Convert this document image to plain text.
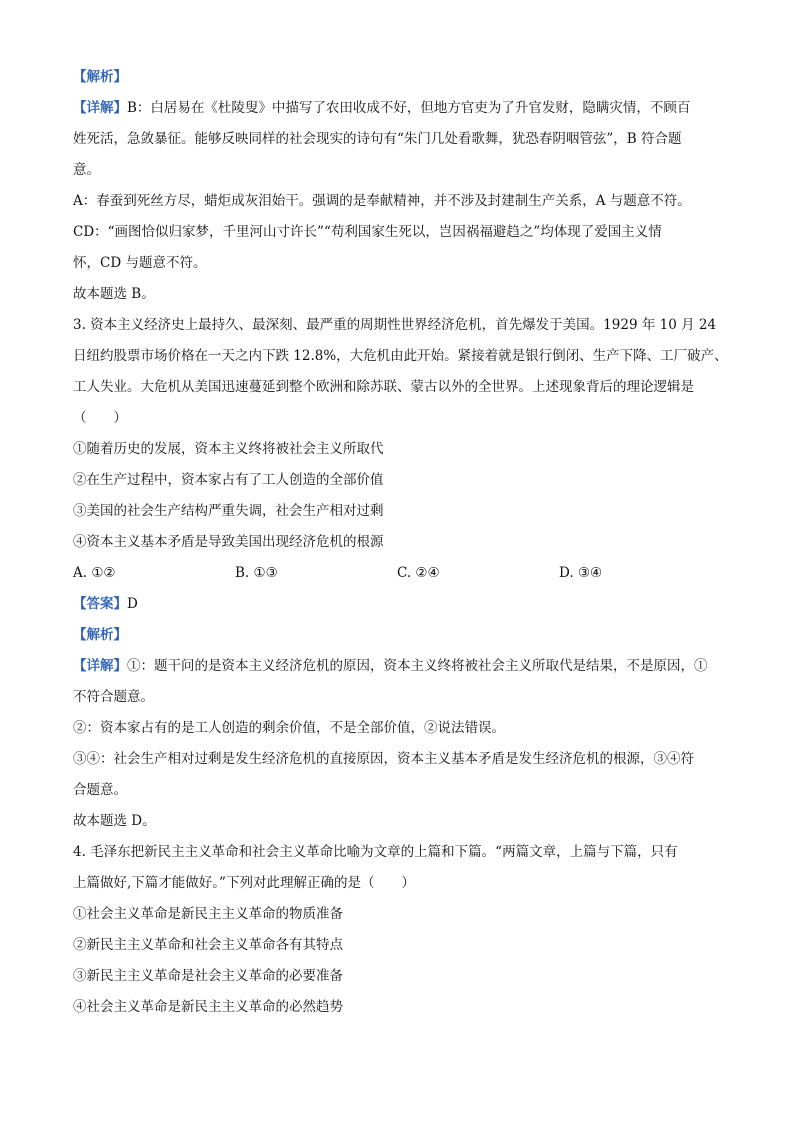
【解析】
【详解】B：白居易在《杜陵叟》中描写了农田收成不好，但地方官吏为了升官发财，隐瞒灾情，不顾百
姓死活，急敛暴征。能够反映同样的社会现实的诗句有“朱门几处看歌舞，犹恐春阴咽管弦”，B 符合题
意。
A：春蚕到死丝方尽，蜡炬成灰泪始干。强调的是奉献精神，并不涉及封建制生产关系，A 与题意不符。
CD：“画图恰似归家梦，千里河山寸许长”“苟利国家生死以，岂因祸福避趋之”均体现了爱国主义情
怀，CD 与题意不符。
故本题选 B。
3. 资本主义经济史上最持久、最深刻、最严重的周期性世界经济危机，首先爆发于美国。1929 年 10 月 24
日纽约股票市场价格在一天之内下跌 12.8%，大危机由此开始。紧接着就是银行倒闭、生产下降、工厂破产、
工人失业。大危机从美国迅速蔓延到整个欧洲和除苏联、蒙古以外的全世界。上述现象背后的理论逻辑是
（　　）
①随着历史的发展，资本主义终将被社会主义所取代
②在生产过程中，资本家占有了工人创造的全部价值
③美国的社会生产结构严重失调，社会生产相对过剩
④资本主义基本矛盾是导致美国出现经济危机的根源
A. ①②	B. ①③	C. ②④	D. ③④
【答案】D
【解析】
【详解】①：题干问的是资本主义经济危机的原因，资本主义终将被社会主义所取代是结果，不是原因，①
不符合题意。
②：资本家占有的是工人创造的剩余价值，不是全部价值，②说法错误。
③④：社会生产相对过剩是发生经济危机的直接原因，资本主义基本矛盾是发生经济危机的根源，③④符
合题意。
故本题选 D。
4. 毛泽东把新民主主义革命和社会主义革命比喻为文章的上篇和下篇。“两篇文章，上篇与下篇，只有
上篇做好,下篇才能做好。”下列对此理解正确的是（　　）
①社会主义革命是新民主主义革命的物质准备
②新民主主义革命和社会主义革命各有其特点
③新民主主义革命是社会主义革命的必要准备
④社会主义革命是新民主主义革命的必然趋势
